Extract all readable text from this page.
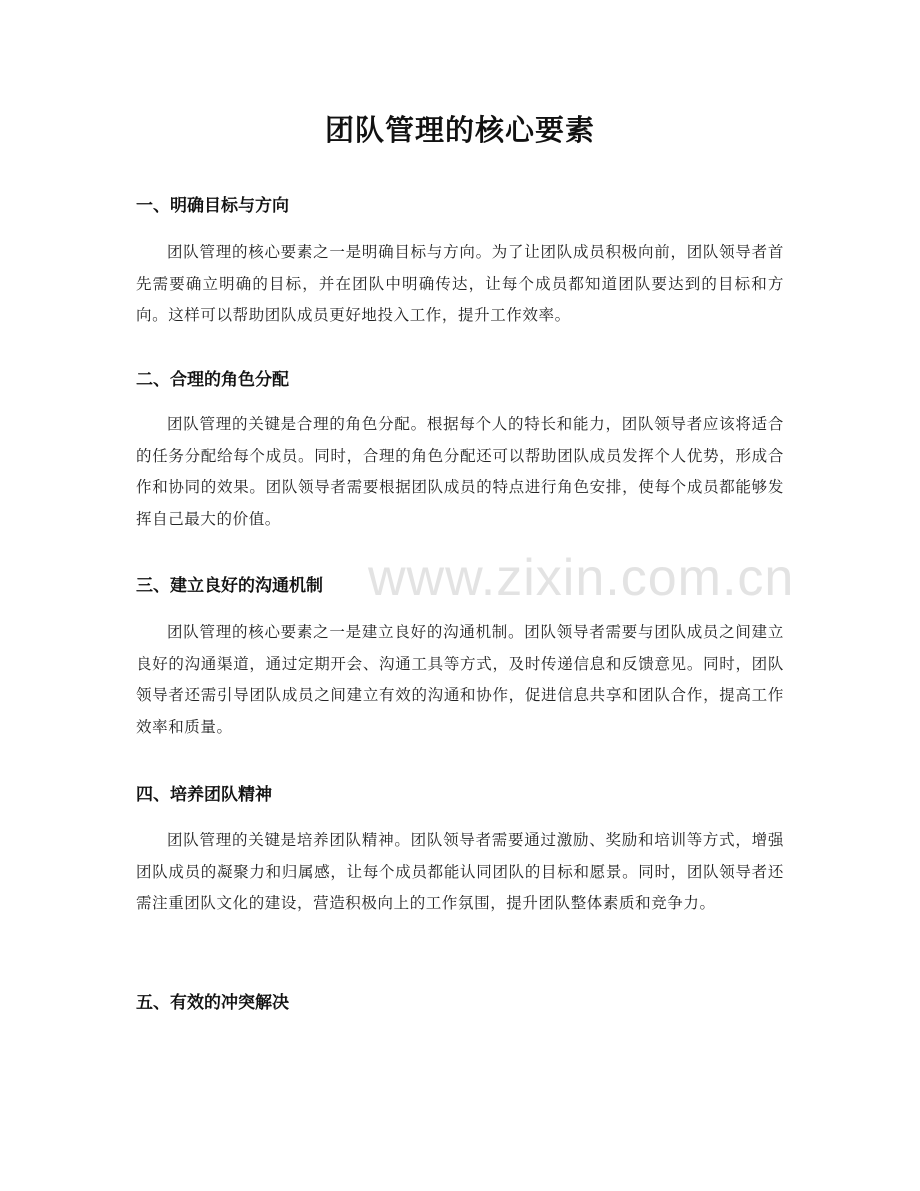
www.zixin.com.cn
团队管理的核心要素
一、明确目标与方向

团队管理的核心要素之一是明确目标与方向。为了让团队成员积极向前，团队领导者首先需要确立明确的目标，并在团队中明确传达，让每个成员都知道团队要达到的目标和方向。这样可以帮助团队成员更好地投入工作，提升工作效率。

二、合理的角色分配

团队管理的关键是合理的角色分配。根据每个人的特长和能力，团队领导者应该将适合的任务分配给每个成员。同时，合理的角色分配还可以帮助团队成员发挥个人优势，形成合作和协同的效果。团队领导者需要根据团队成员的特点进行角色安排，使每个成员都能够发挥自己最大的价值。

三、建立良好的沟通机制

团队管理的核心要素之一是建立良好的沟通机制。团队领导者需要与团队成员之间建立良好的沟通渠道，通过定期开会、沟通工具等方式，及时传递信息和反馈意见。同时，团队领导者还需引导团队成员之间建立有效的沟通和协作，促进信息共享和团队合作，提高工作效率和质量。

四、培养团队精神

团队管理的关键是培养团队精神。团队领导者需要通过激励、奖励和培训等方式，增强团队成员的凝聚力和归属感，让每个成员都能认同团队的目标和愿景。同时，团队领导者还需注重团队文化的建设，营造积极向上的工作氛围，提升团队整体素质和竞争力。

五、有效的冲突解决
